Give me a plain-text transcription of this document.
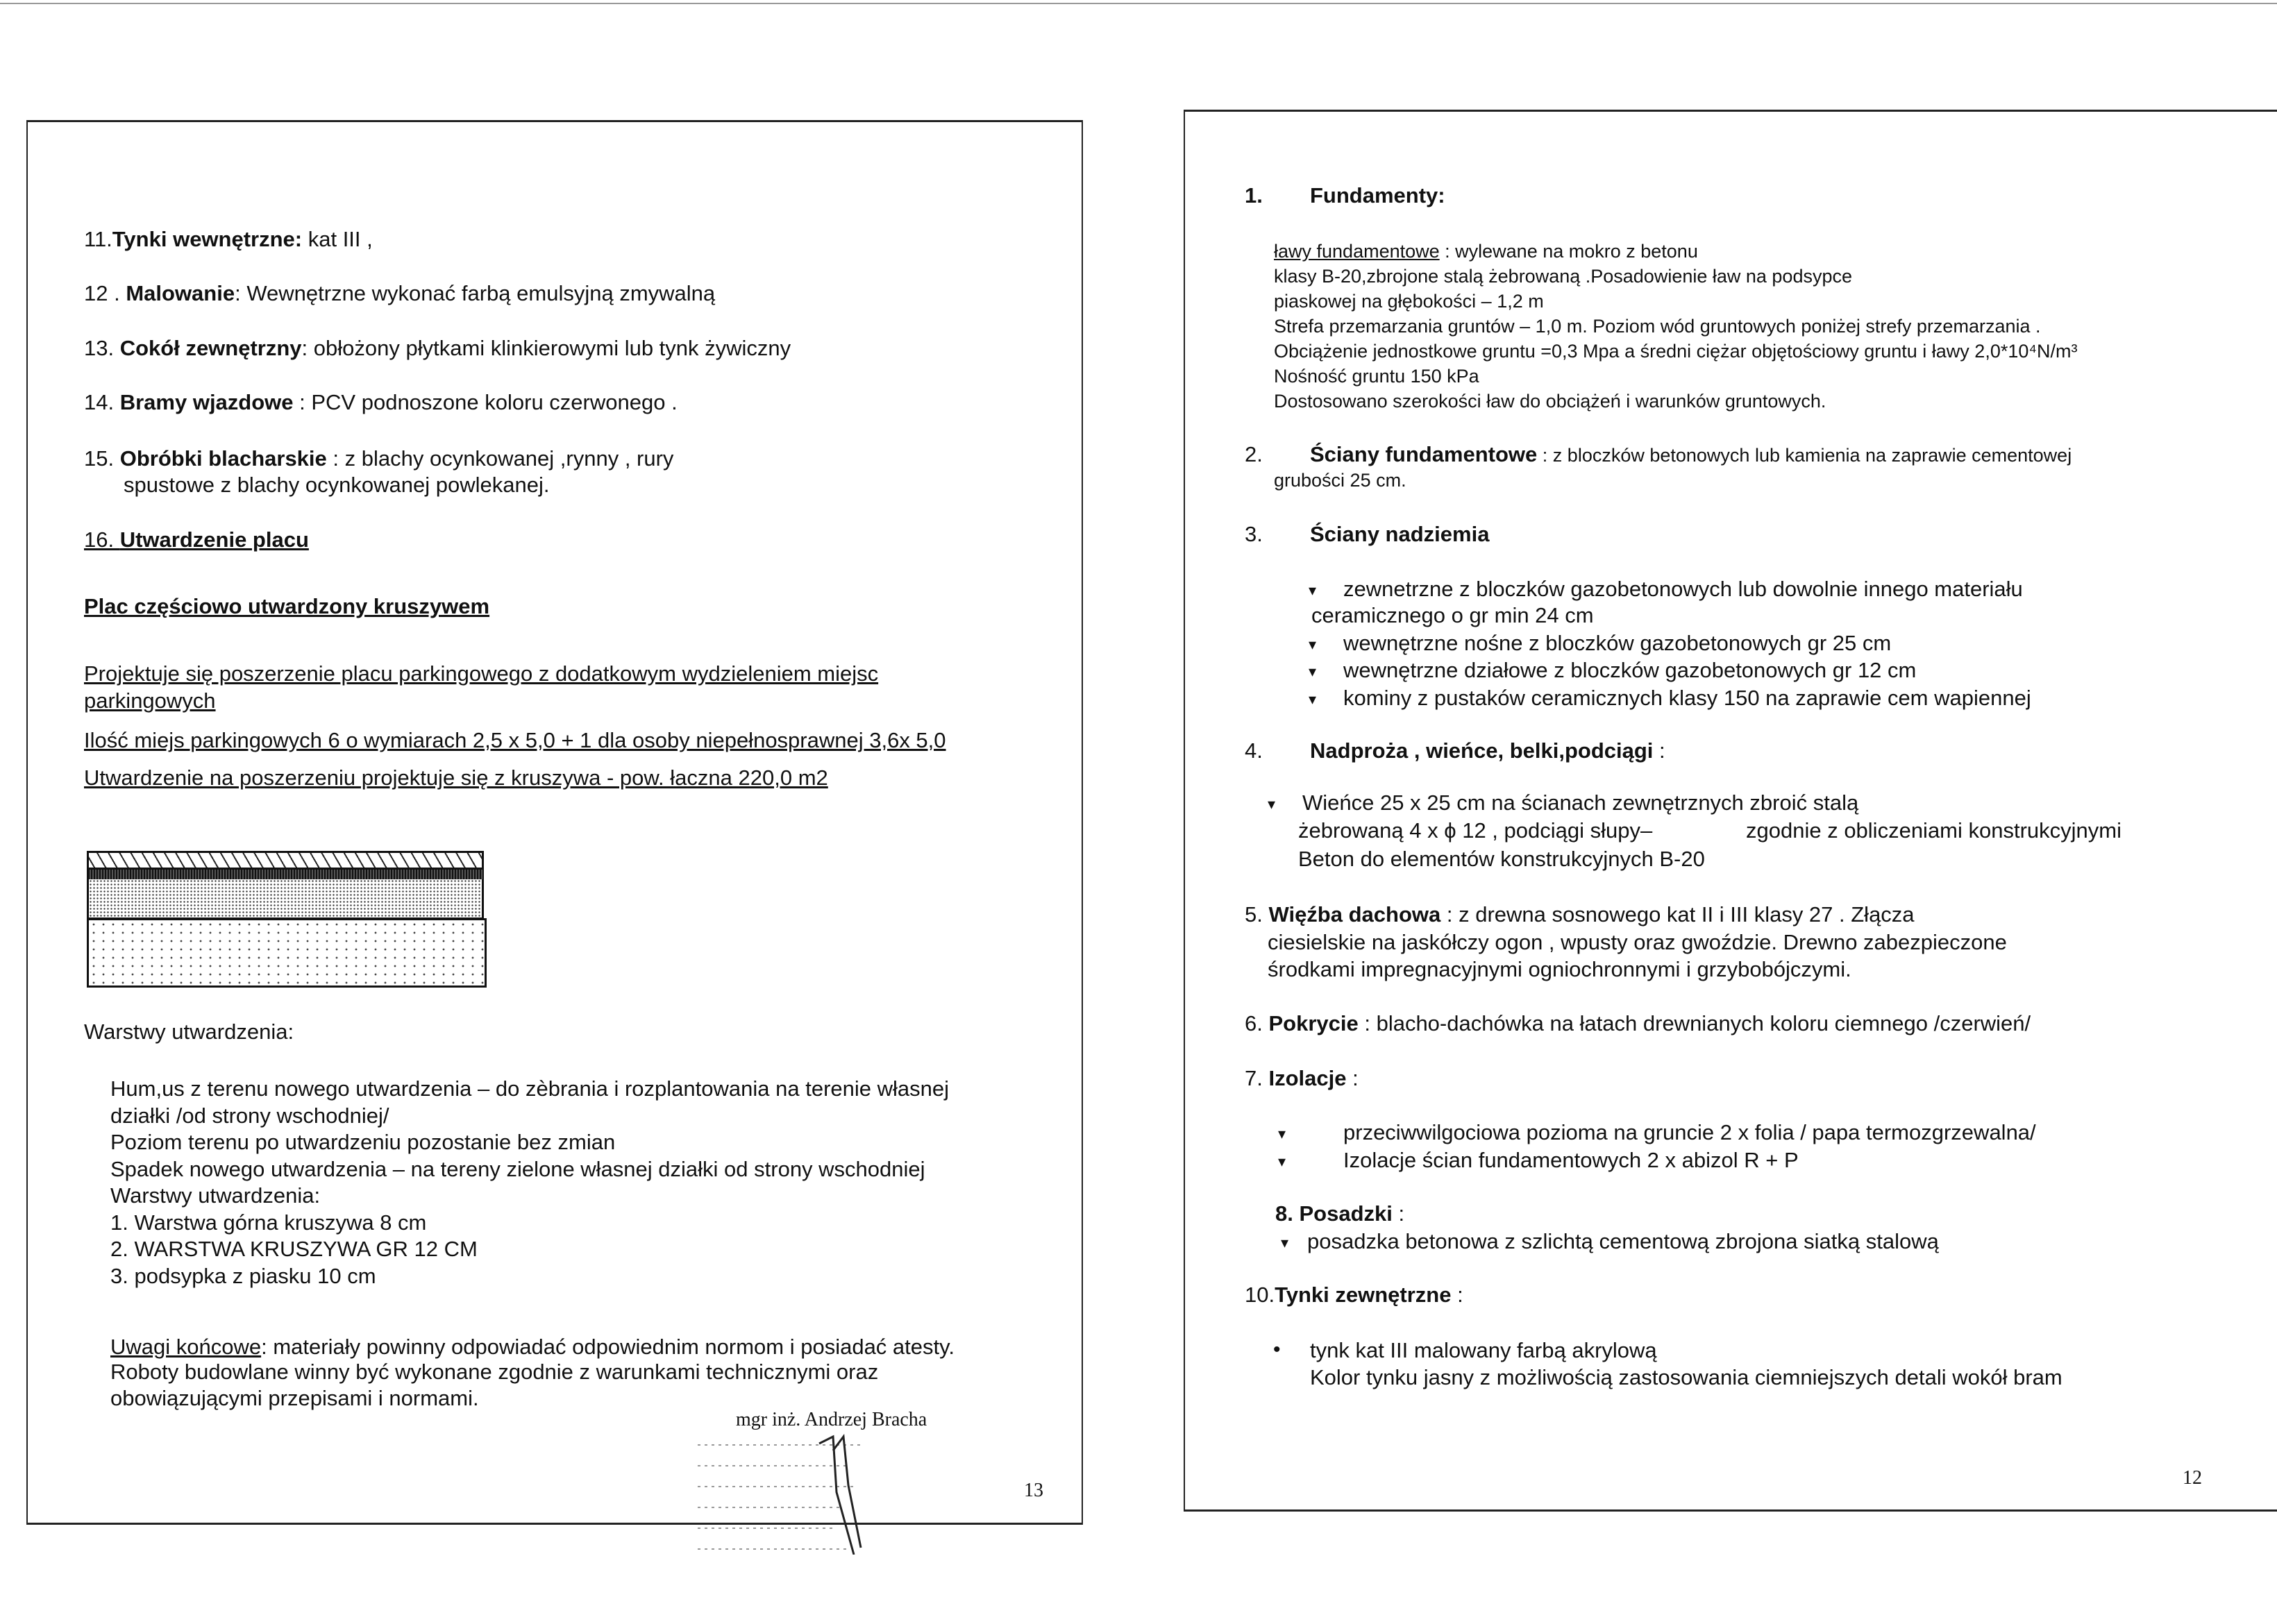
11.Tynki wewnętrzne: kat III ,
12 . Malowanie: Wewnętrzne wykonać farbą emulsyjną zmywalną
13. Cokół zewnętrzny: obłożony płytkami klinkierowymi lub tynk żywiczny
14. Bramy wjazdowe : PCV podnoszone koloru czerwonego .
15. Obróbki blacharskie : z blachy ocynkowanej ,rynny , rury
spustowe z blachy ocynkowanej powlekanej.
16. Utwardzenie placu
Plac częściowo utwardzony kruszywem
Projektuje się poszerzenie placu parkingowego z dodatkowym wydzieleniem miejsc
parkingowych
Ilość miejs parkingowych 6 o wymiarach 2,5 x 5,0 + 1 dla osoby niepełnosprawnej 3,6x 5,0
Utwardzenie na poszerzeniu projektuje się z kruszywa - pow. łaczna 220,0 m2
Warstwy utwardzenia:
Hum,us z terenu nowego utwardzenia – do zèbrania i rozplantowania na terenie własnej
działki /od strony wschodniej/
Poziom terenu po utwardzeniu pozostanie bez zmian
Spadek nowego utwardzenia – na tereny zielone własnej działki od strony wschodniej
Warstwy utwardzenia:
1. Warstwa górna kruszywa 8 cm
2. WARSTWA KRUSZYWA GR 12 CM
3. podsypka z piasku 10 cm
Uwagi końcowe: materiały powinny odpowiadać odpowiednim normom i posiadać atesty.
Roboty budowlane winny być wykonane zgodnie z warunkami technicznymi oraz
obowiązującymi przepisami i normami.
mgr inż. Andrzej Bracha
13
1. Fundamenty:
ławy fundamentowe : wylewane na mokro z betonu
klasy B-20,zbrojone stalą żebrowaną .Posadowienie ław na podsypce
piaskowej na głębokości – 1,2 m
Strefa przemarzania gruntów – 1,0 m. Poziom wód gruntowych poniżej strefy przemarzania .
Obciążenie jednostkowe gruntu =0,3 Mpa a średni ciężar objętościowy gruntu i ławy 2,0*10⁴N/m³
Nośność gruntu 150 kPa
Dostosowano szerokości ław do obciążeń i warunków gruntowych.
2. Ściany fundamentowe : z bloczków betonowych lub kamienia na zaprawie cementowej
grubości 25 cm.
3. Ściany nadziemia
▾ zewnetrzne z bloczków gazobetonowych lub dowolnie innego materiału
ceramicznego o gr min 24 cm
▾ wewnętrzne nośne z bloczków gazobetonowych gr 25 cm
▾ wewnętrzne działowe z bloczków gazobetonowych gr 12 cm
▾ kominy z pustaków ceramicznych klasy 150 na zaprawie cem wapiennej
4. Nadproża , wieńce, belki,podciągi :
▾ Wieńce 25 x 25 cm na ścianach zewnętrznych zbroić stalą
żebrowaną 4 x ϕ 12 , podciągi słupy–	zgodnie z obliczeniami konstrukcyjnymi
Beton do elementów konstrukcyjnych B-20
5. Więźba dachowa : z drewna sosnowego kat II i III klasy 27 . Złącza
ciesielskie na jaskółczy ogon , wpusty oraz gwoździe. Drewno zabezpieczone
środkami impregnacyjnymi ogniochronnymi i grzybobójczymi.
6. Pokrycie : blacho-dachówka na łatach drewnianych koloru ciemnego /czerwień/
7. Izolacje :
▾	przeciwwilgociowa pozioma na gruncie 2 x folia / papa termozgrzewalna/
▾	Izolacje ścian fundamentowych 2 x abizol R + P
8. Posadzki :
▾ posadzka betonowa z szlichtą cementową zbrojona siatką stalową
10.Tynki zewnętrzne :
• tynk kat III malowany farbą akrylową
Kolor tynku jasny z możliwością zastosowania ciemniejszych detali wokół bram
12
